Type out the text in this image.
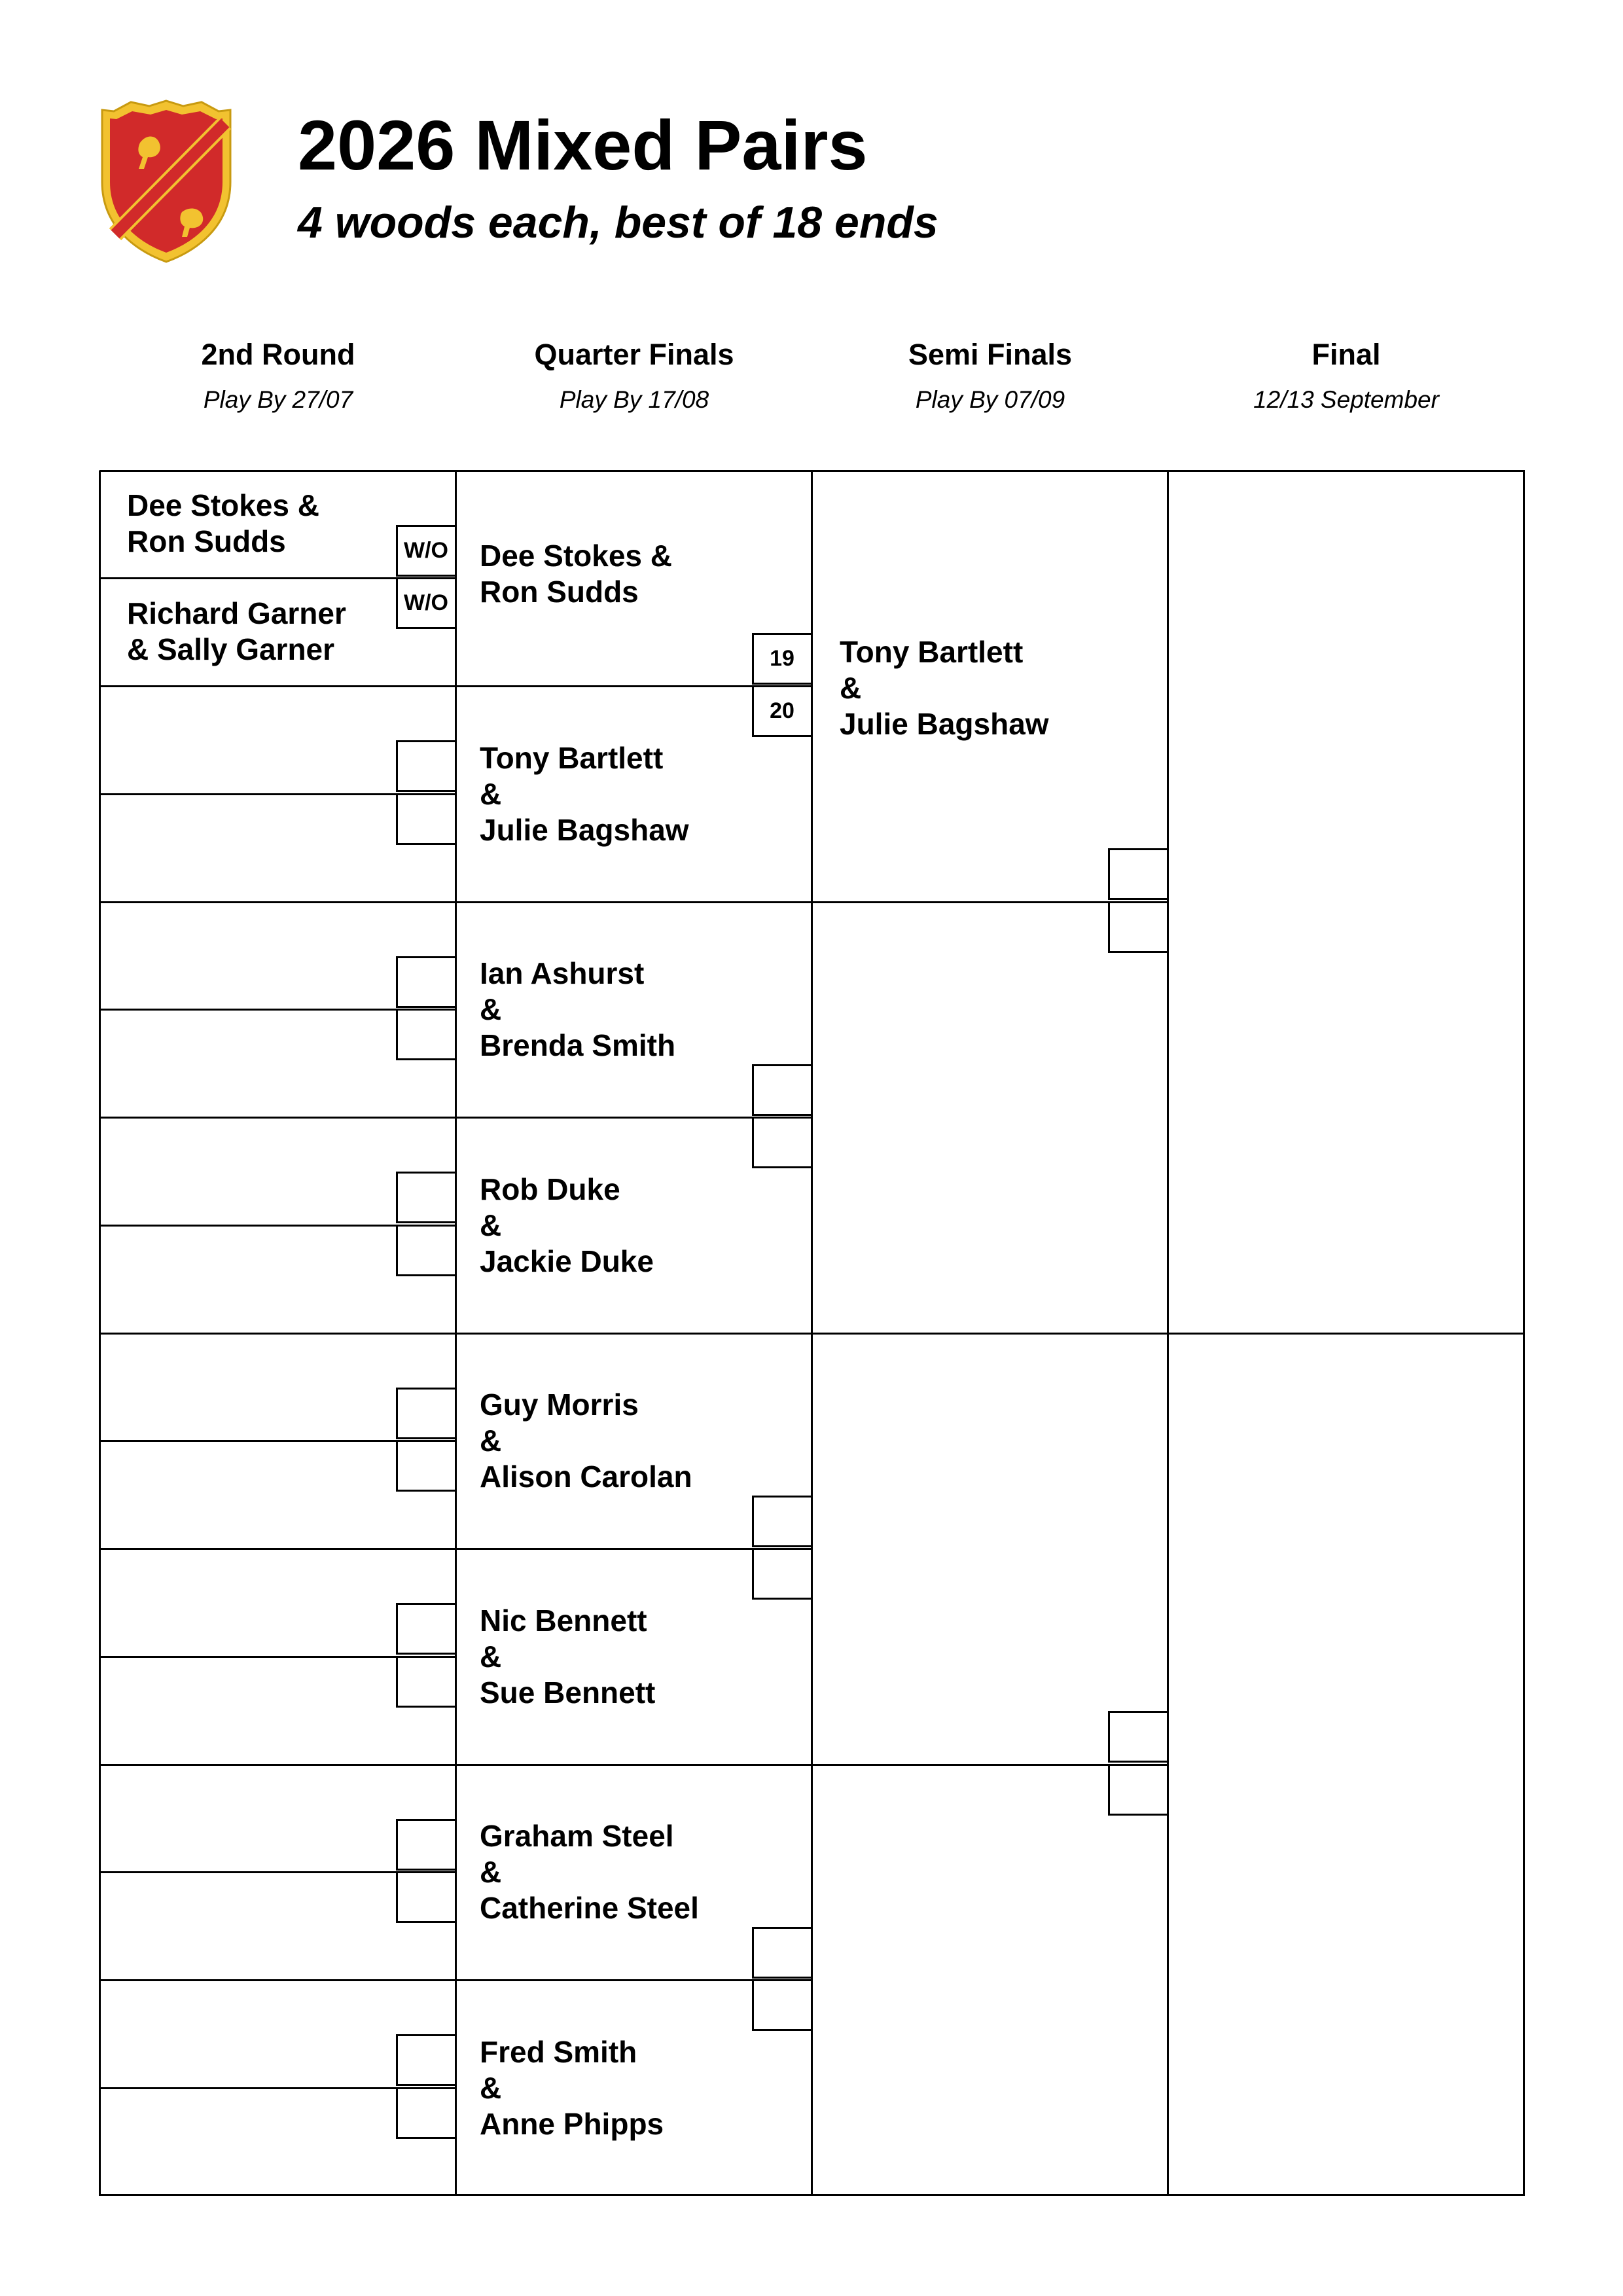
2026 Mixed Pairs
4 woods each, best of 18 ends
2nd Round
Play By 27/07
Quarter Finals
Play By 17/08
Semi Finals
Play By 07/09
Final
12/13 September
W/O
W/O
Dee Stokes &
Ron Sudds
Richard Garner
& Sally Garner	19
20
Dee Stokes &
Ron Sudds
Tony Bartlett
&
Julie Bagshaw
Ian Ashurst
&
Brenda Smith
Rob Duke
&
Jackie Duke
Guy Morris
&
Alison Carolan
Nic Bennett
&
Sue Bennett
Graham Steel
&
Catherine Steel
Fred Smith
&
Anne Phipps
Tony Bartlett
&
Julie Bagshaw
